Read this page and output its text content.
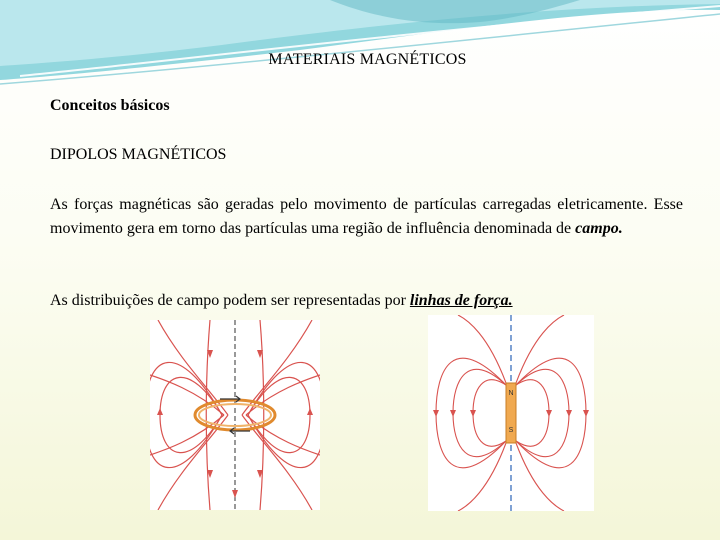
MATERIAIS MAGNÉTICOS
Conceitos básicos
DIPOLOS MAGNÉTICOS
As forças magnéticas são geradas pelo movimento de partículas carregadas eletricamente. Esse movimento gera em torno das partículas uma região de influência denominada de campo.
As distribuições de campo podem ser representadas por linhas de força.
N
S
